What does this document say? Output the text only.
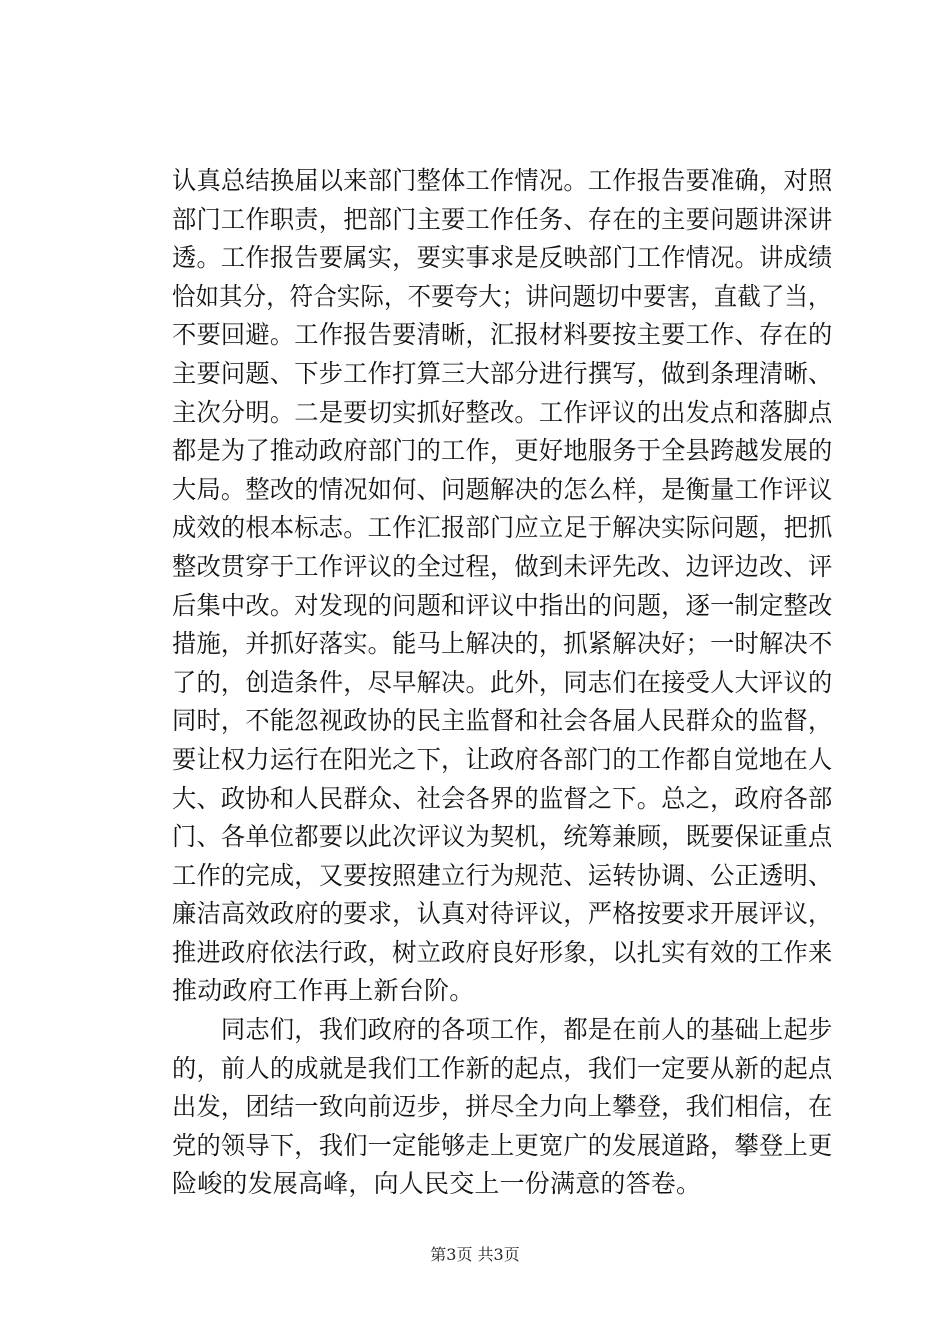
认真总结换届以来部门整体工作情况。工作报告要准确，对照
部门工作职责，把部门主要工作任务、存在的主要问题讲深讲
透。工作报告要属实，要实事求是反映部门工作情况。讲成绩
恰如其分，符合实际，不要夸大；讲问题切中要害，直截了当，
不要回避。工作报告要清晰，汇报材料要按主要工作、存在的
主要问题、下步工作打算三大部分进行撰写，做到条理清晰、
主次分明。二是要切实抓好整改。工作评议的出发点和落脚点
都是为了推动政府部门的工作，更好地服务于全县跨越发展的
大局。整改的情况如何、问题解决的怎么样，是衡量工作评议
成效的根本标志。工作汇报部门应立足于解决实际问题，把抓
整改贯穿于工作评议的全过程，做到未评先改、边评边改、评
后集中改。对发现的问题和评议中指出的问题，逐一制定整改
措施，并抓好落实。能马上解决的，抓紧解决好；一时解决不
了的，创造条件，尽早解决。此外，同志们在接受人大评议的
同时，不能忽视政协的民主监督和社会各届人民群众的监督，
要让权力运行在阳光之下，让政府各部门的工作都自觉地在人
大、政协和人民群众、社会各界的监督之下。总之，政府各部
门、各单位都要以此次评议为契机，统筹兼顾，既要保证重点
工作的完成，又要按照建立行为规范、运转协调、公正透明、
廉洁高效政府的要求，认真对待评议，严格按要求开展评议，
推进政府依法行政，树立政府良好形象，以扎实有效的工作来
推动政府工作再上新台阶。
　　同志们，我们政府的各项工作，都是在前人的基础上起步
的，前人的成就是我们工作新的起点，我们一定要从新的起点
出发，团结一致向前迈步，拼尽全力向上攀登，我们相信，在
党的领导下，我们一定能够走上更宽广的发展道路，攀登上更
险峻的发展高峰，向人民交上一份满意的答卷。
第3页 共3页
